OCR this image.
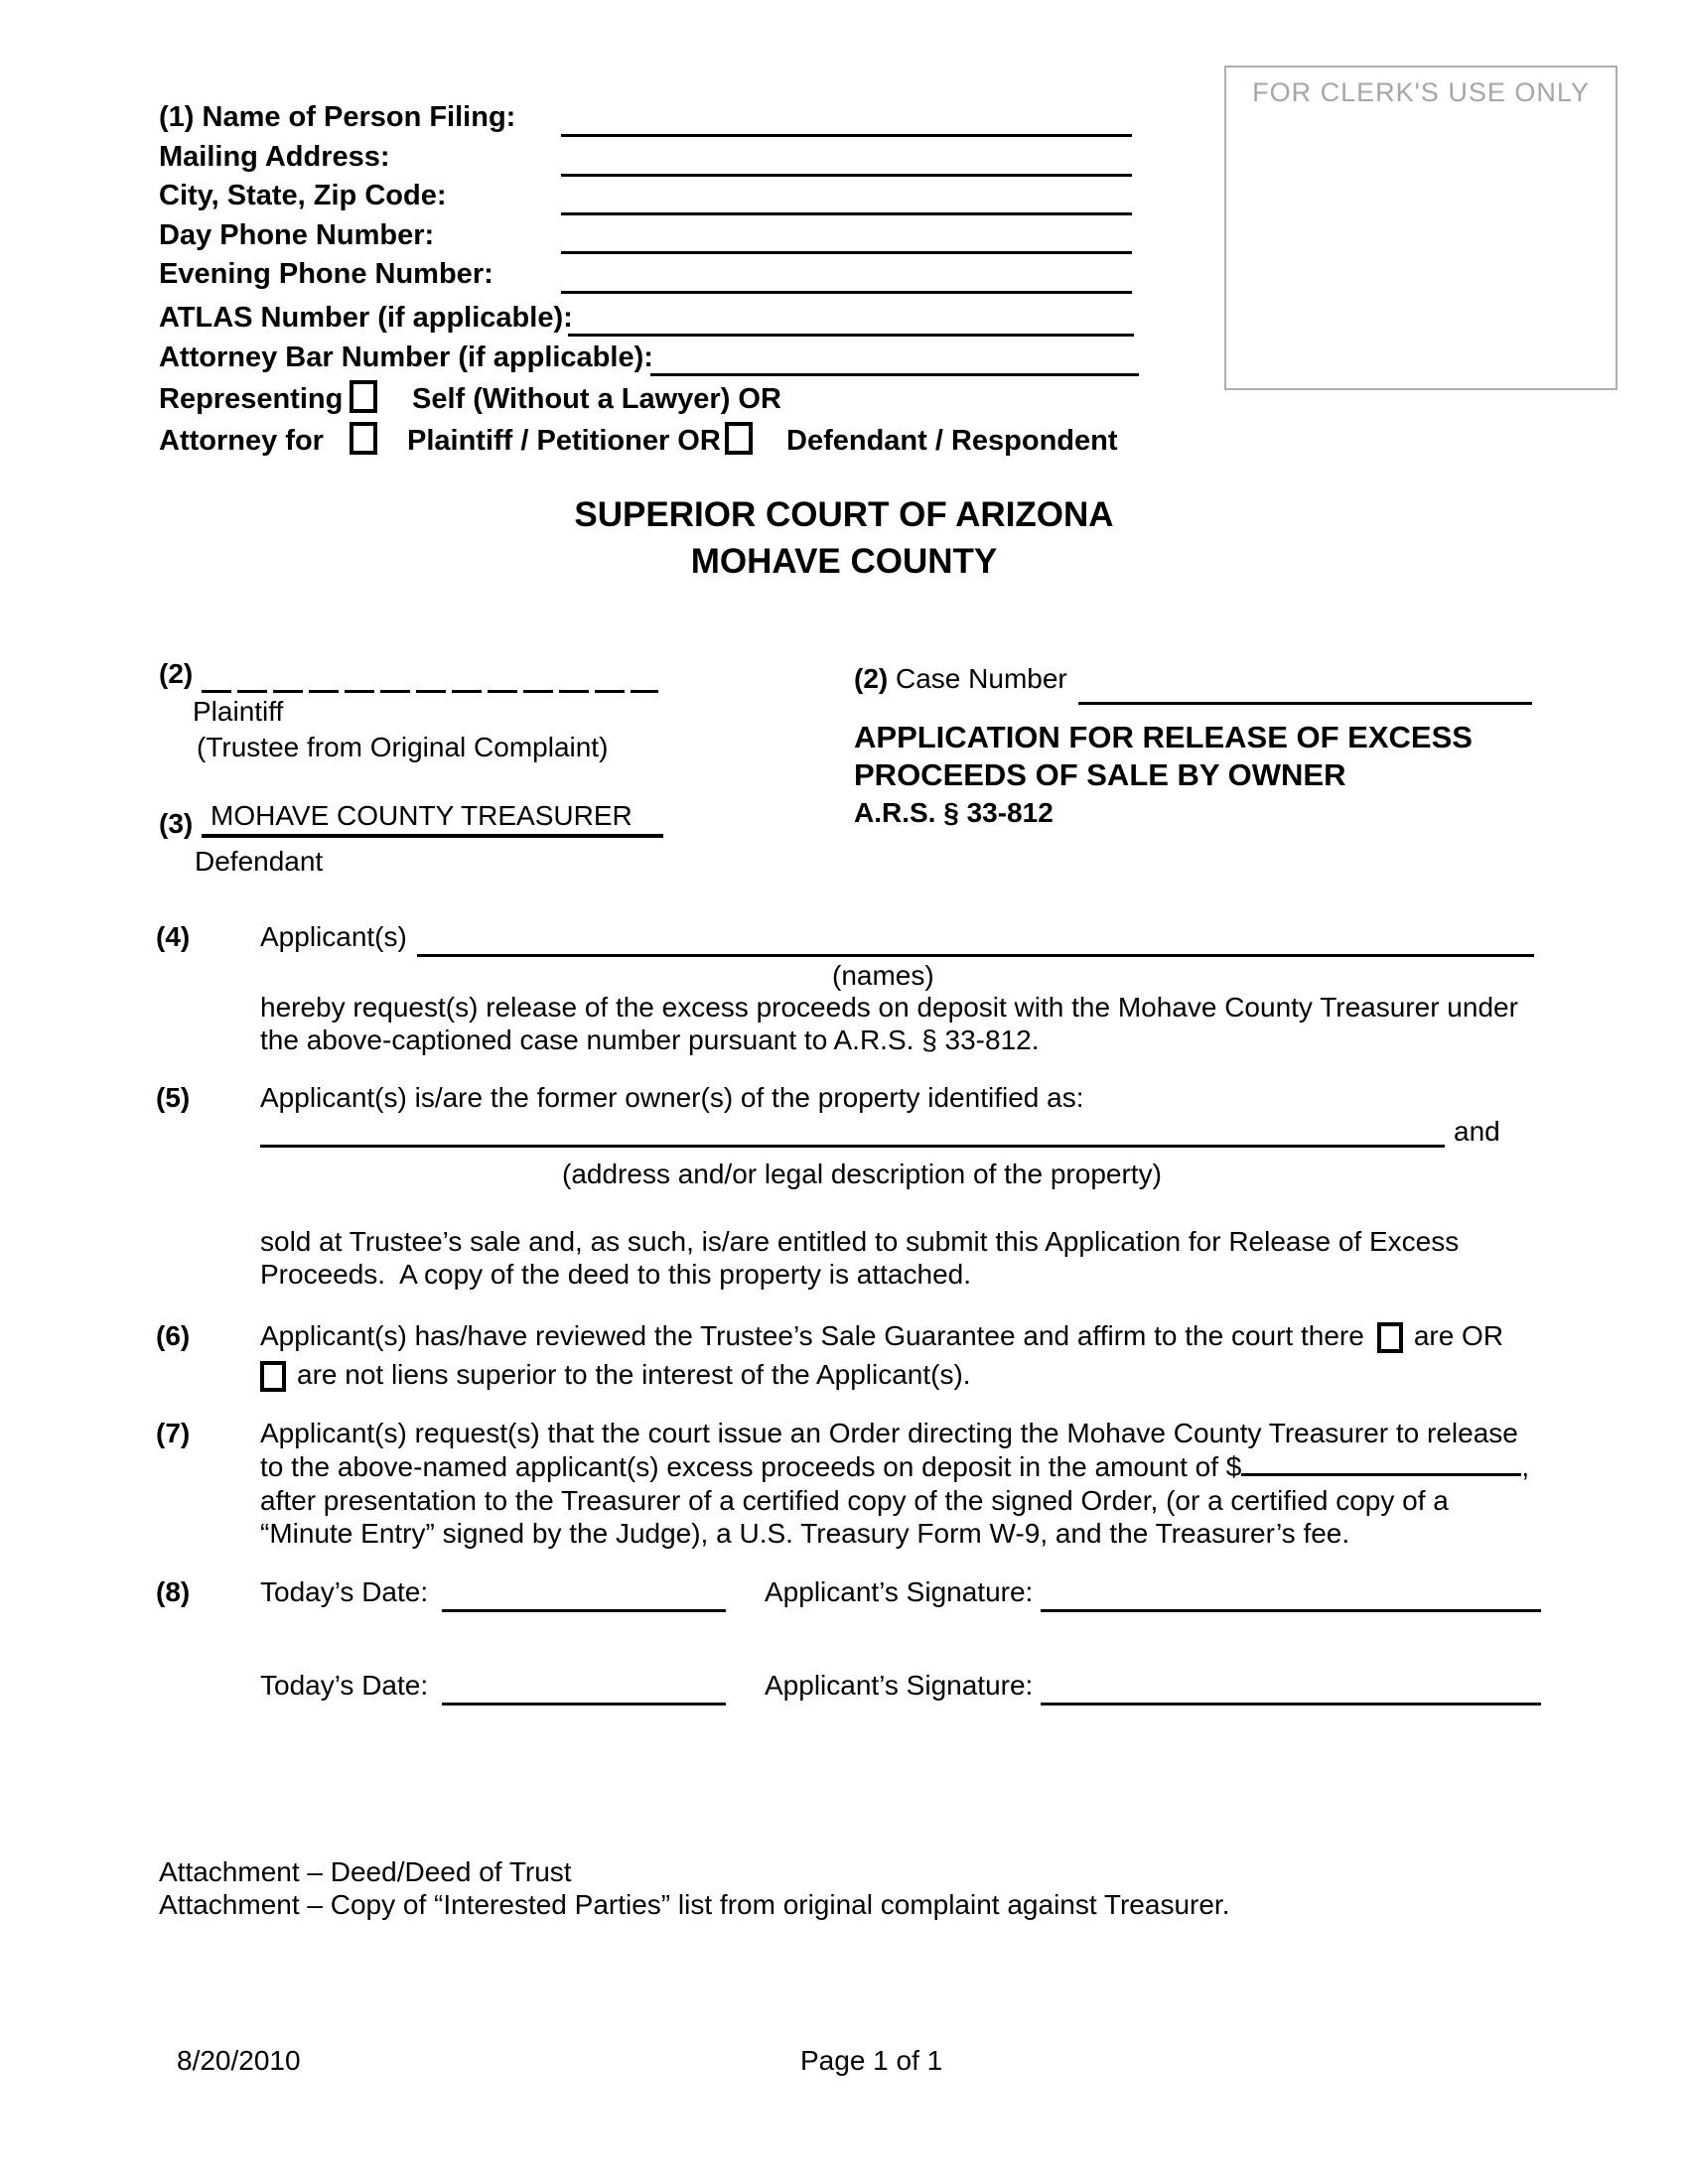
FOR CLERK'S USE ONLY
(1) Name of Person Filing:
Mailing Address:
City, State, Zip Code:
Day Phone Number:
Evening Phone Number:
ATLAS Number (if applicable):
Attorney Bar Number (if applicable):
Representing Self (Without a Lawyer) OR
Attorney for	Plaintiff / Petitioner OR Defendant / Respondent
SUPERIOR COURT OF ARIZONA
MOHAVE COUNTY
(2)
Plaintiff
(Trustee from Original Complaint)
(3) MOHAVE COUNTY TREASURER
Defendant
(2) Case Number
APPLICATION FOR RELEASE OF EXCESS
PROCEEDS OF SALE BY OWNER
A.R.S. § 33-812
(4)	Applicant(s)
(names)
hereby request(s) release of the excess proceeds on deposit with the Mohave County Treasurer under
the above-captioned case number pursuant to A.R.S. § 33-812.
(5)	Applicant(s) is/are the former owner(s) of the property identified as:
and
(address and/or legal description of the property)
sold at Trustee’s sale and, as such, is/are entitled to submit this Application for Release of Excess
Proceeds.  A copy of the deed to this property is attached.
(6)	Applicant(s) has/have reviewed the Trustee’s Sale Guarantee and affirm to the court there are OR
are not liens superior to the interest of the Applicant(s).
(7)	Applicant(s) request(s) that the court issue an Order directing the Mohave County Treasurer to release
to the above-named applicant(s) excess proceeds on deposit in the amount of $	,
after presentation to the Treasurer of a certified copy of the signed Order, (or a certified copy of a
“Minute Entry” signed by the Judge), a U.S. Treasury Form W-9, and the Treasurer’s fee.
(8)	Today’s Date:	Applicant’s Signature:
Today’s Date:	Applicant’s Signature:
Attachment – Deed/Deed of Trust
Attachment – Copy of “Interested Parties” list from original complaint against Treasurer.
8/20/2010	Page 1 of 1
